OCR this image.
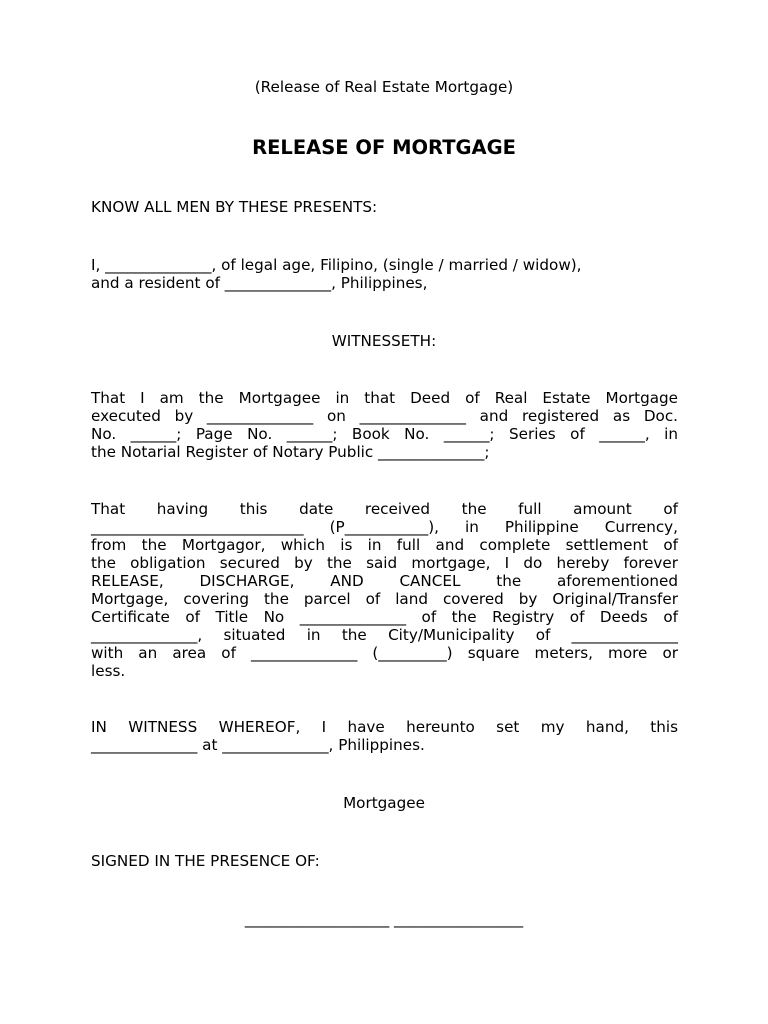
(Release of Real Estate Mortgage)
RELEASE OF MORTGAGE
KNOW ALL MEN BY THESE PRESENTS:
I, ______________, of legal age, Filipino, (single / married / widow),
and a resident of ______________, Philippines,
WITNESSETH:
That I am the Mortgagee in that Deed of Real Estate Mortgage
executed by ______________ on ______________ and registered as Doc.
No. ______; Page No. ______; Book No. ______; Series of ______, in
the Notarial Register of Notary Public ______________;
That having this date received the full amount of
____________________________ (P___________), in Philippine Currency,
from the Mortgagor, which is in full and complete settlement of
the obligation secured by the said mortgage, I do hereby forever
RELEASE, DISCHARGE, AND CANCEL the aforementioned
Mortgage, covering the parcel of land covered by Original/Transfer
Certificate of Title No ______________ of the Registry of Deeds of
______________, situated in the City/Municipality of ______________
with an area of ______________ (_________) square meters, more or
less.
IN WITNESS WHEREOF, I have hereunto set my hand, this
______________ at ______________, Philippines.
Mortgagee
SIGNED IN THE PRESENCE OF:
___________________ _________________
